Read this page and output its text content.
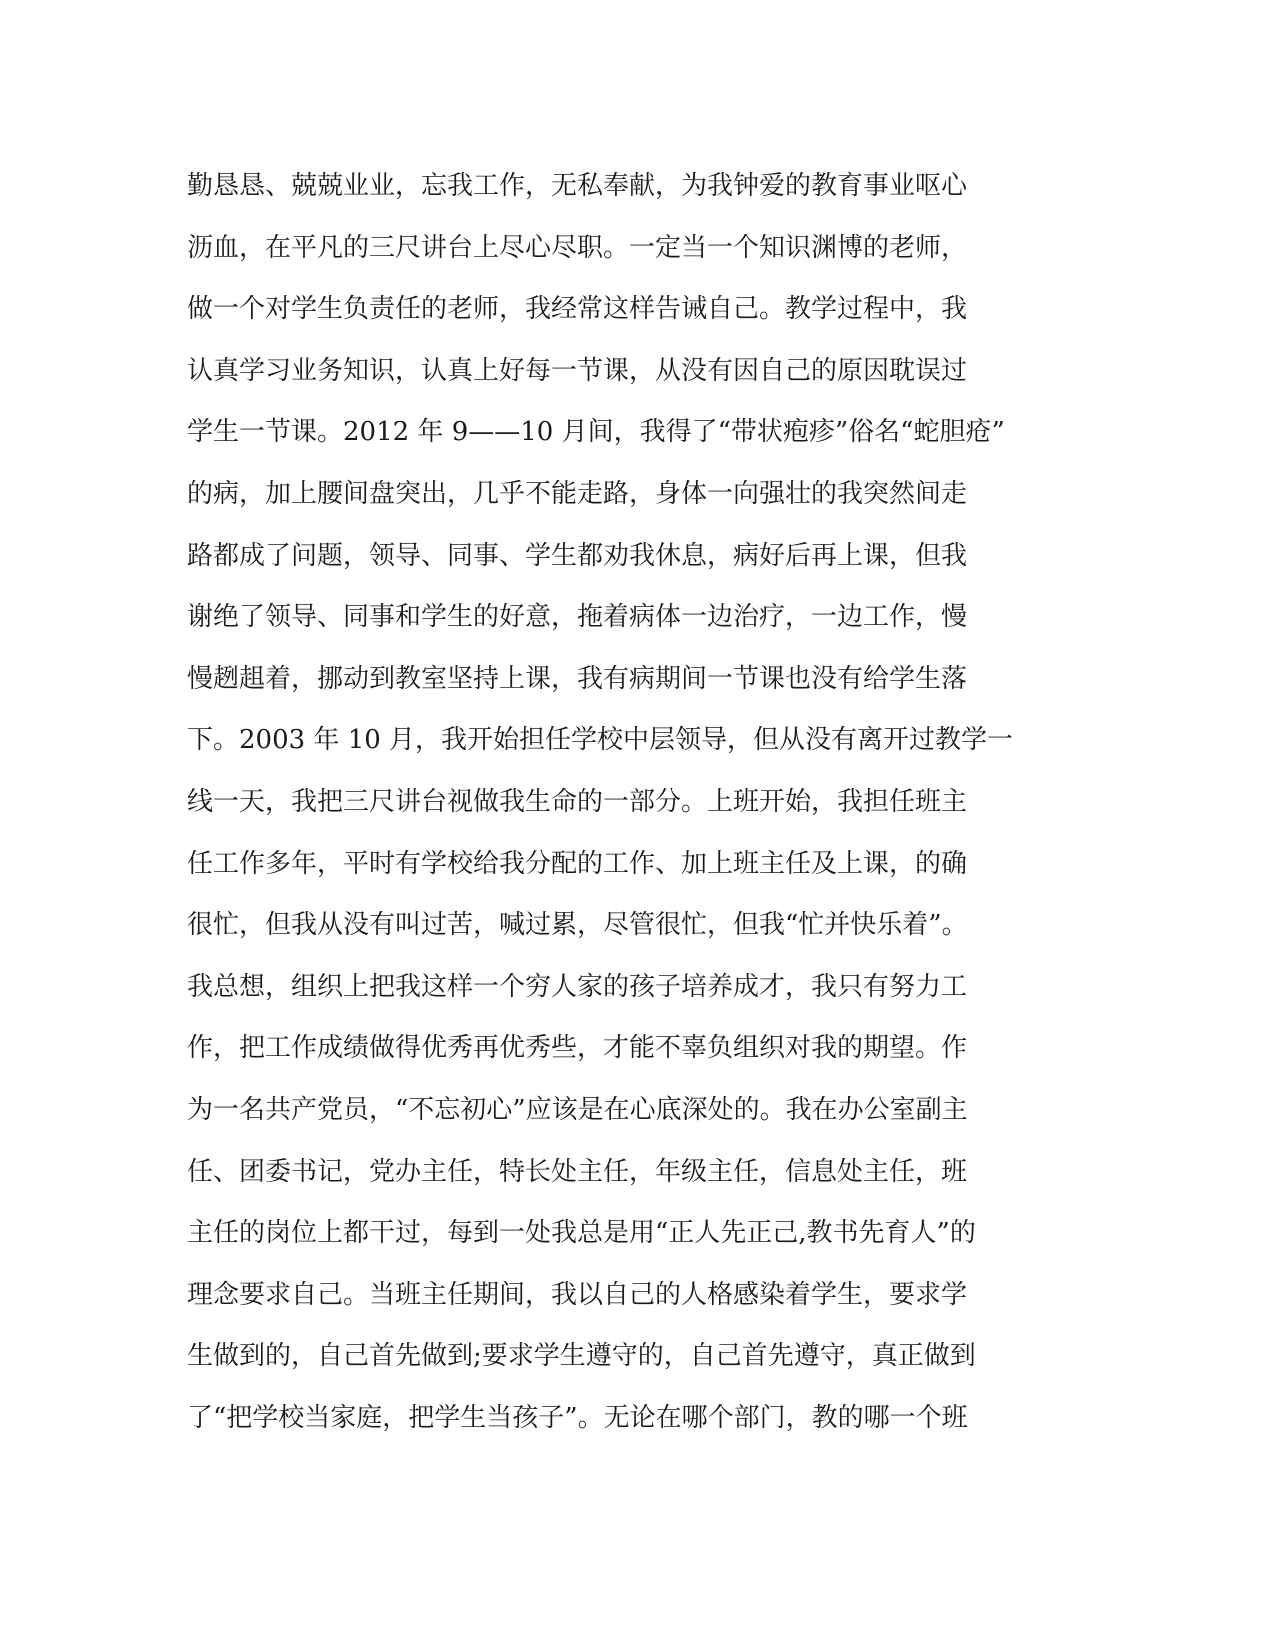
勤恳恳、兢兢业业，忘我工作，无私奉献，为我钟爱的教育事业呕心
沥血，在平凡的三尺讲台上尽心尽职。一定当一个知识渊博的老师，
做一个对学生负责任的老师，我经常这样告诫自己。教学过程中，我
认真学习业务知识，认真上好每一节课，从没有因自己的原因耽误过
学生一节课。2012 年 9——10 月间，我得了“带状疱疹”俗名“蛇胆疮”
的病，加上腰间盘突出，几乎不能走路，身体一向强壮的我突然间走
路都成了问题，领导、同事、学生都劝我休息，病好后再上课，但我
谢绝了领导、同事和学生的好意，拖着病体一边治疗，一边工作，慢
慢趔趄着，挪动到教室坚持上课，我有病期间一节课也没有给学生落
下。2003 年 10 月，我开始担任学校中层领导，但从没有离开过教学一
线一天，我把三尺讲台视做我生命的一部分。上班开始，我担任班主
任工作多年，平时有学校给我分配的工作、加上班主任及上课，的确
很忙，但我从没有叫过苦，喊过累，尽管很忙，但我“忙并快乐着”。
我总想，组织上把我这样一个穷人家的孩子培养成才，我只有努力工
作，把工作成绩做得优秀再优秀些，才能不辜负组织对我的期望。作
为一名共产党员，“不忘初心”应该是在心底深处的。我在办公室副主
任、团委书记，党办主任，特长处主任，年级主任，信息处主任，班
主任的岗位上都干过，每到一处我总是用“正人先正己,教书先育人”的
理念要求自己。当班主任期间，我以自己的人格感染着学生，要求学
生做到的，自己首先做到;要求学生遵守的，自己首先遵守，真正做到
了“把学校当家庭，把学生当孩子”。无论在哪个部门，教的哪一个班
